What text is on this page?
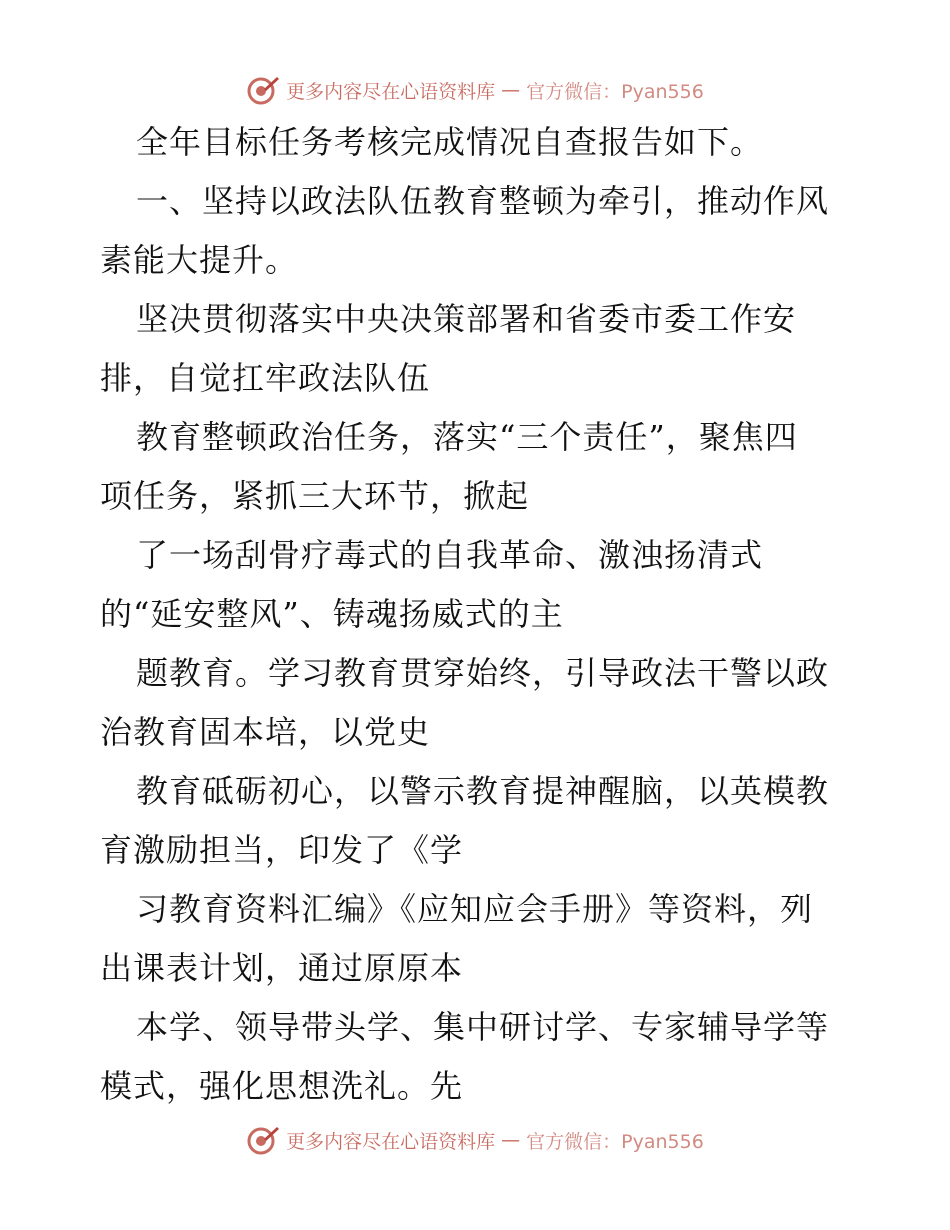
更多内容尽在心语资料库 — 官方微信：Pyan556
全年目标任务考核完成情况自查报告如下。
一、坚持以政法队伍教育整顿为牵引，推动作风
素能大提升。
坚决贯彻落实中央决策部署和省委市委工作安
排，自觉扛牢政法队伍
教育整顿政治任务，落实“三个责任”，聚焦四
项任务，紧抓三大环节，掀起
了一场刮骨疗毒式的自我革命、激浊扬清式
的“延安整风”、铸魂扬威式的主
题教育。学习教育贯穿始终，引导政法干警以政
治教育固本培，以党史
教育砥砺初心，以警示教育提神醒脑，以英模教
育激励担当，印发了《学
习教育资料汇编》《应知应会手册》等资料，列
出课表计划，通过原原本
本学、领导带头学、集中研讨学、专家辅导学等
模式，强化思想洗礼。先
更多内容尽在心语资料库 — 官方微信：Pyan556
